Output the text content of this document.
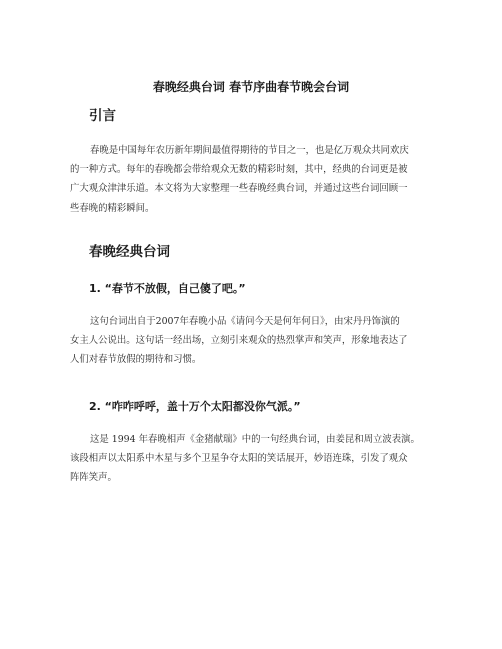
春晚经典台词 春节序曲春节晚会台词
引言
春晚是中国每年农历新年期间最值得期待的节目之一，也是亿万观众共同欢庆
的一种方式。每年的春晚都会带给观众无数的精彩时刻，其中，经典的台词更是被
广大观众津津乐道。本文将为大家整理一些春晚经典台词，并通过这些台词回顾一
些春晚的精彩瞬间。
春晚经典台词
1. “春节不放假，自己傻了吧。”
这句台词出自于2007年春晚小品《请问今天是何年何日》，由宋丹丹饰演的
女主人公说出。这句话一经出场，立刻引来观众的热烈掌声和笑声，形象地表达了
人们对春节放假的期待和习惯。
2. “咋咋呼呼，盖十万个太阳都没你气派。”
这是 1994 年春晚相声《金猪献瑞》中的一句经典台词，由姜昆和周立波表演。
该段相声以太阳系中木星与多个卫星争夺太阳的笑话展开，妙语连珠，引发了观众
阵阵笑声。
